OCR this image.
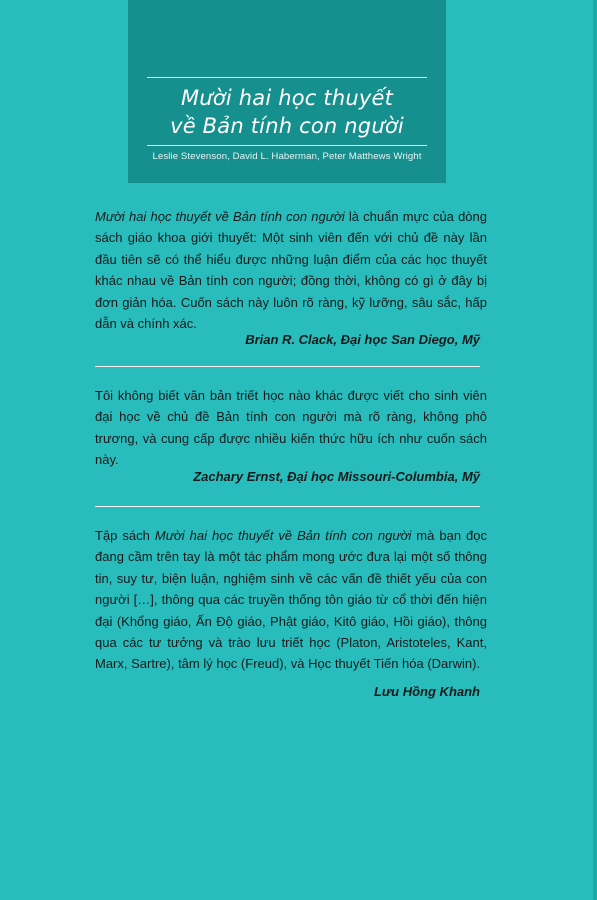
Mười hai học thuyết
về Bản tính con người
Leslie Stevenson, David L. Haberman, Peter Matthews Wright

Mười hai học thuyết về Bản tính con người là chuẩn mực của dòng sách giáo khoa giới thuyết: Một sinh viên đến với chủ đề này lần đầu tiên sẽ có thể hiểu được những luận điểm của các học thuyết khác nhau về Bản tính con người; đồng thời, không có gì ở đây bị đơn giản hóa. Cuốn sách này luôn rõ ràng, kỹ lưỡng, sâu sắc, hấp dẫn và chính xác.

Brian R. Clack, Đại học San Diego, Mỹ

Tôi không biết văn bản triết học nào khác được viết cho sinh viên đại học về chủ đề Bản tính con người mà rõ ràng, không phô trương, và cung cấp được nhiều kiến thức hữu ích như cuốn sách này.

Zachary Ernst, Đại học Missouri-Columbia, Mỹ

Tập sách Mười hai học thuyết về Bản tính con người mà bạn đọc đang cầm trên tay là một tác phẩm mong ước đưa lại một số thông tin, suy tư, biện luận, nghiệm sinh về các vấn đề thiết yếu của con người […], thông qua các truyền thống tôn giáo từ cổ thời đến hiện đại (Khổng giáo, Ấn Độ giáo, Phật giáo, Kitô giáo, Hồi giáo), thông qua các tư tưởng và trào lưu triết học (Platon, Aristoteles, Kant, Marx, Sartre), tâm lý học (Freud), và Học thuyết Tiến hóa (Darwin).

Lưu Hồng Khanh
